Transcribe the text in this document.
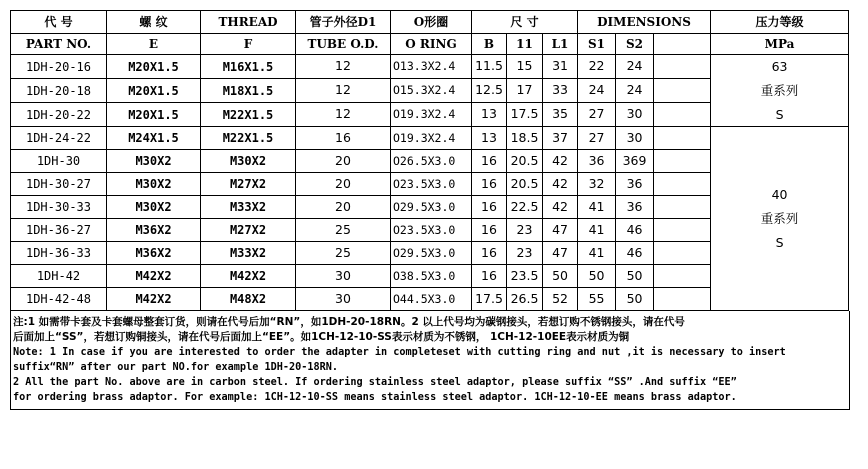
代 号	螺 纹	THREAD	管子外径D1	O形圈	尺 寸			DIMENSIONS			压力等级
PART NO.	E	F	TUBE O.D.	O RING	B	11	L1	S1	S2		MPa
1DH-20-16	M20X1.5	M16X1.5	12	O13.3X2.4	11.5	15	31	22	24		63
重系列
S

1DH-20-18	M20X1.5	M18X1.5	12	O15.3X2.4	12.5	17	33	24	24		
1DH-20-22	M20X1.5	M22X1.5	12	O19.3X2.4	13	17.5	35	27	30		
1DH-24-22	M24X1.5	M22X1.5	16	O19.3X2.4	13	18.5	37	27	30		40
重系列
S

1DH-30	M30X2	M30X2	20	O26.5X3.0	16	20.5	42	36	369		
1DH-30-27	M30X2	M27X2	20	O23.5X3.0	16	20.5	42	32	36		
1DH-30-33	M30X2	M33X2	20	O29.5X3.0	16	22.5	42	41	36		
1DH-36-27	M36X2	M27X2	25	O23.5X3.0	16	23	47	41	46		
1DH-36-33	M36X2	M33X2	25	O29.5X3.0	16	23	47	41	46		
1DH-42	M42X2	M42X2	30	O38.5X3.0	16	23.5	50	50	50		
1DH-42-48	M42X2	M48X2	30	O44.5X3.0	17.5	26.5	52	55	50		
注:1 如需带卡套及卡套螺母整套订货，则请在代号后加“RN”，如1DH-20-18RN。2 以上代号均为碳钢接头，若想订购不锈钢接头，请在代号
后面加上“SS”，若想订购铜接头，请在代号后面加上“EE”。如1CH-12-10-SS表示材质为不锈钢， 1CH-12-10EE表示材质为铜
Note: 1 In case if you are interested to order the adapter in completeset with cutting ring and nut ,it is necessary to insert
suffix“RN” after our part NO.for example 1DH-20-18RN.
2 All the part No. above are in carbon steel. If ordering stainless steel adaptor, please suffix “SS” .And suffix “EE”
for ordering brass adaptor. For example: 1CH-12-10-SS means stainless steel adaptor. 1CH-12-10-EE means brass adaptor.
